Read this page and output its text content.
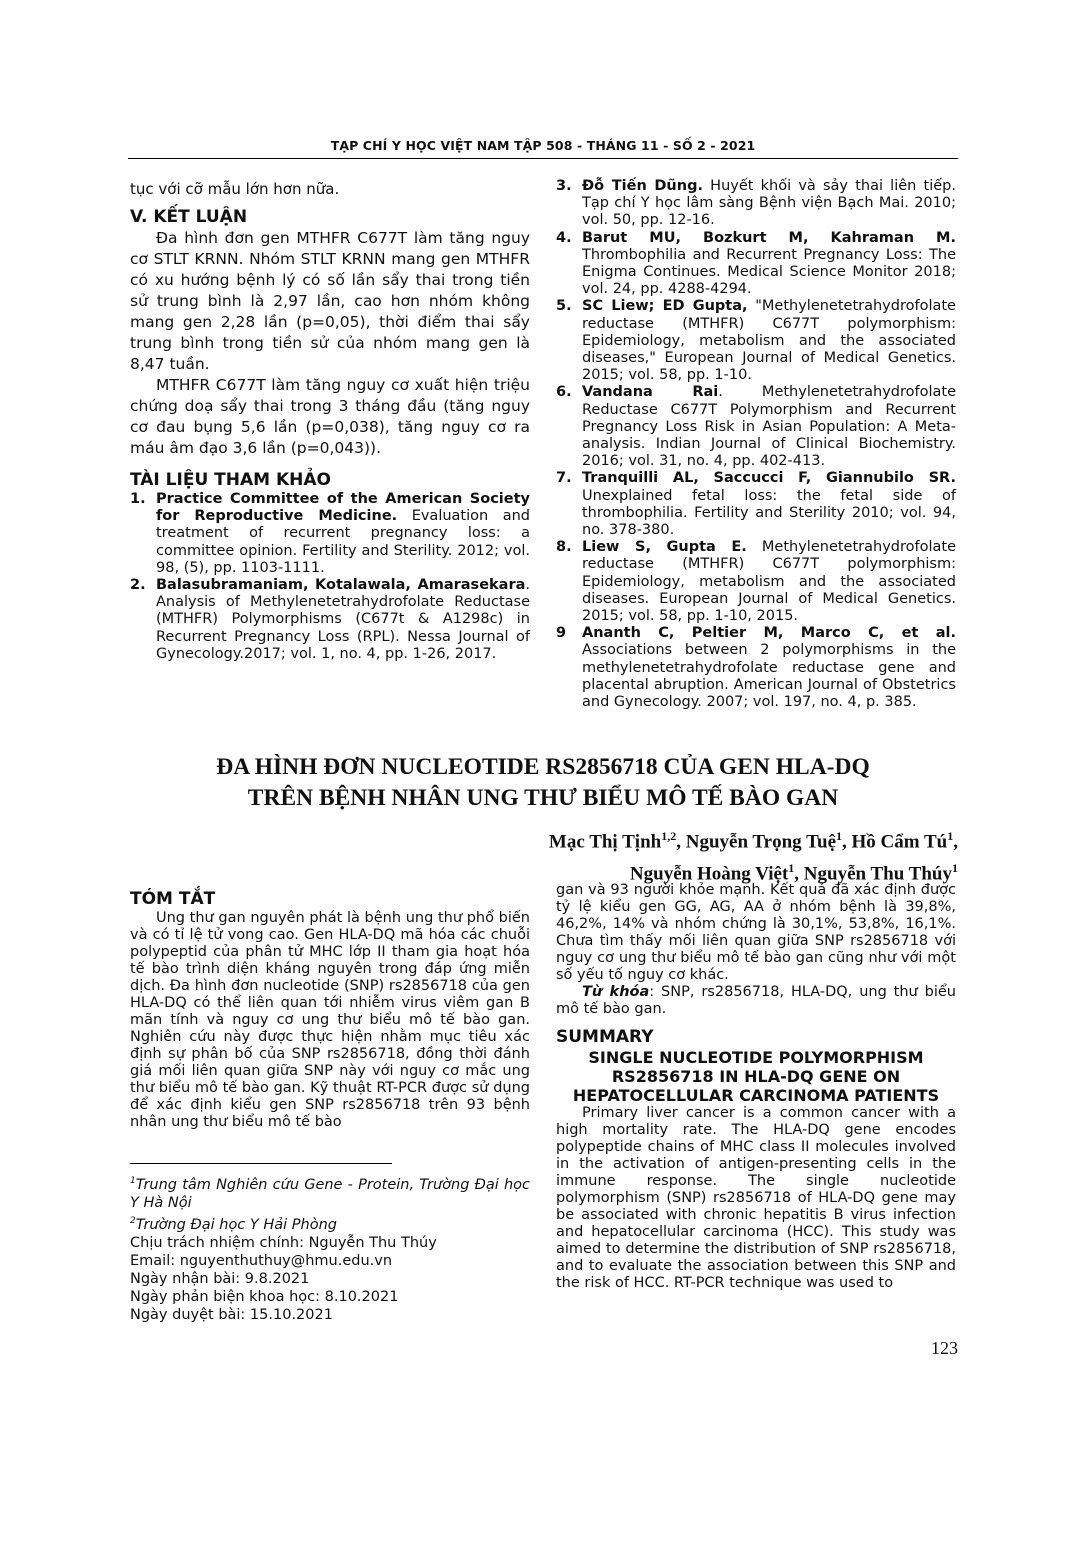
TẠP CHÍ Y HỌC VIỆT NAM TẬP 508 - THÁNG 11 - SỐ 2 - 2021

tục với cỡ mẫu lớn hơn nữa.

V. KẾT LUẬN

Đa hình đơn gen MTHFR C677T làm tăng nguy cơ STLT KRNN. Nhóm STLT KRNN mang gen MTHFR có xu hướng bệnh lý có số lần sẩy thai trong tiền sử trung bình là 2,97 lần, cao hơn nhóm không mang gen 2,28 lần (p=0,05), thời điểm thai sẩy trung bình trong tiền sử của nhóm mang gen là 8,47 tuần.

MTHFR C677T làm tăng nguy cơ xuất hiện triệu chứng doạ sẩy thai trong 3 tháng đầu (tăng nguy cơ đau bụng 5,6 lần (p=0,038), tăng nguy cơ ra máu âm đạo 3,6 lần (p=0,043)).

TÀI LIỆU THAM KHẢO

1. Practice Committee of the American Society for Reproductive Medicine. Evaluation and treatment of recurrent pregnancy loss: a committee opinion. Fertility and Sterility. 2012; vol. 98, (5), pp. 1103-1111.
2. Balasubramaniam, Kotalawala, Amarasekara. Analysis of Methylenetetrahydrofolate Reductase (MTHFR) Polymorphisms (C677t & A1298c) in Recurrent Pregnancy Loss (RPL). Nessa Journal of Gynecology.2017; vol. 1, no. 4, pp. 1-26, 2017.
3. Đỗ Tiến Dũng. Huyết khối và sảy thai liên tiếp. Tạp chí Y học lâm sàng Bệnh viện Bạch Mai. 2010; vol. 50, pp. 12-16.
4. Barut MU, Bozkurt M, Kahraman M. Thrombophilia and Recurrent Pregnancy Loss: The Enigma Continues. Medical Science Monitor 2018; vol. 24, pp. 4288-4294.
5. SC Liew; ED Gupta, "Methylenetetrahydrofolate reductase (MTHFR) C677T polymorphism: Epidemiology, metabolism and the associated diseases," European Journal of Medical Genetics. 2015; vol. 58, pp. 1-10.
6. Vandana Rai. Methylenetetrahydrofolate Reductase C677T Polymorphism and Recurrent Pregnancy Loss Risk in Asian Population: A Meta-analysis. Indian Journal of Clinical Biochemistry. 2016; vol. 31, no. 4, pp. 402-413.
7. Tranquilli AL, Saccucci F, Giannubilo SR. Unexplained fetal loss: the fetal side of thrombophilia. Fertility and Sterility 2010; vol. 94, no. 378-380.
8. Liew S, Gupta E. Methylenetetrahydrofolate reductase (MTHFR) C677T polymorphism: Epidemiology, metabolism and the associated diseases. European Journal of Medical Genetics. 2015; vol. 58, pp. 1-10, 2015.
9 Ananth C, Peltier M, Marco C, et al. Associations between 2 polymorphisms in the methylenetetrahydrofolate reductase gene and placental abruption. American Journal of Obstetrics and Gynecology. 2007; vol. 197, no. 4, p. 385.
ĐA HÌNH ĐƠN NUCLEOTIDE RS2856718 CỦA GEN HLA-DQ
TRÊN BỆNH NHÂN UNG THƯ BIỂU MÔ TẾ BÀO GAN
Mạc Thị Tịnh$^{1,2}$, Nguyễn Trọng Tuệ$^1$, Hồ Cẩm $Tú^1$,
Nguyễn Hoàng Việt$^1$, Nguyễn Thu Thúy$^1$

TÓM TẮT

Ung thư gan nguyên phát là bệnh ung thư phổ biến và có tỉ lệ tử vong cao. Gen HLA-DQ mã hóa các chuỗi polypeptid của phân tử MHC lớp II tham gia hoạt hóa tế bào trình diện kháng nguyên trong đáp ứng miễn dịch. Đa hình đơn nucleotide (SNP) rs2856718 của gen HLA-DQ có thể liên quan tới nhiễm virus viêm gan B mãn tính và nguy cơ ung thư biểu mô tế bào gan. Nghiên cứu này được thực hiện nhằm mục tiêu xác định sự phân bố của SNP rs2856718, đồng thời đánh giá mối liên quan giữa SNP này với nguy cơ mắc ung thư biểu mô tế bào gan. Kỹ thuật RT-PCR được sử dụng để xác định kiểu gen SNP rs2856718 trên 93 bệnh nhân ung thư biểu mô tế bào

gan và 93 người khỏe mạnh. Kết quả đã xác định được tỷ lệ kiểu gen GG, AG, AA ở nhóm bệnh là 39,8%, 46,2%, 14% và nhóm chứng là 30,1%, 53,8%, 16,1%. Chưa tìm thấy mối liên quan giữa SNP rs2856718 với nguy cơ ung thư biểu mô tế bào gan cũng như với một số yếu tố nguy cơ khác.

Từ khóa: SNP, rs2856718, HLA-DQ, ung thư biểu mô tế bào gan.

SUMMARY

SINGLE NUCLEOTIDE POLYMORPHISM

RS2856718 IN HLA-DQ GENE ON

HEPATOCELLULAR CARCINOMA PATIENTS

Primary liver cancer is a common cancer with a high mortality rate. The HLA-DQ gene encodes polypeptide chains of MHC class II molecules involved in the activation of antigen-presenting cells in the immune response. The single nucleotide polymorphism (SNP) rs2856718 of HLA-DQ gene may be associated with chronic hepatitis B virus infection and hepatocellular carcinoma (HCC). This study was aimed to determine the distribution of SNP rs2856718, and to evaluate the association between this SNP and the risk of HCC. RT-PCR technique was used to

$^1$Trung tâm Nghiên cứu Gene - Protein, Trường Đại học Y Hà Nội

$^2$Trường Đại học Y Hải Phòng

Chịu trách nhiệm chính: Nguyễn Thu Thúy

Email: nguyenthuthuy@hmu.edu.vn

Ngày nhận bài: 9.8.2021

Ngày phản biện khoa học: 8.10.2021

Ngày duyệt bài: 15.10.2021

123
